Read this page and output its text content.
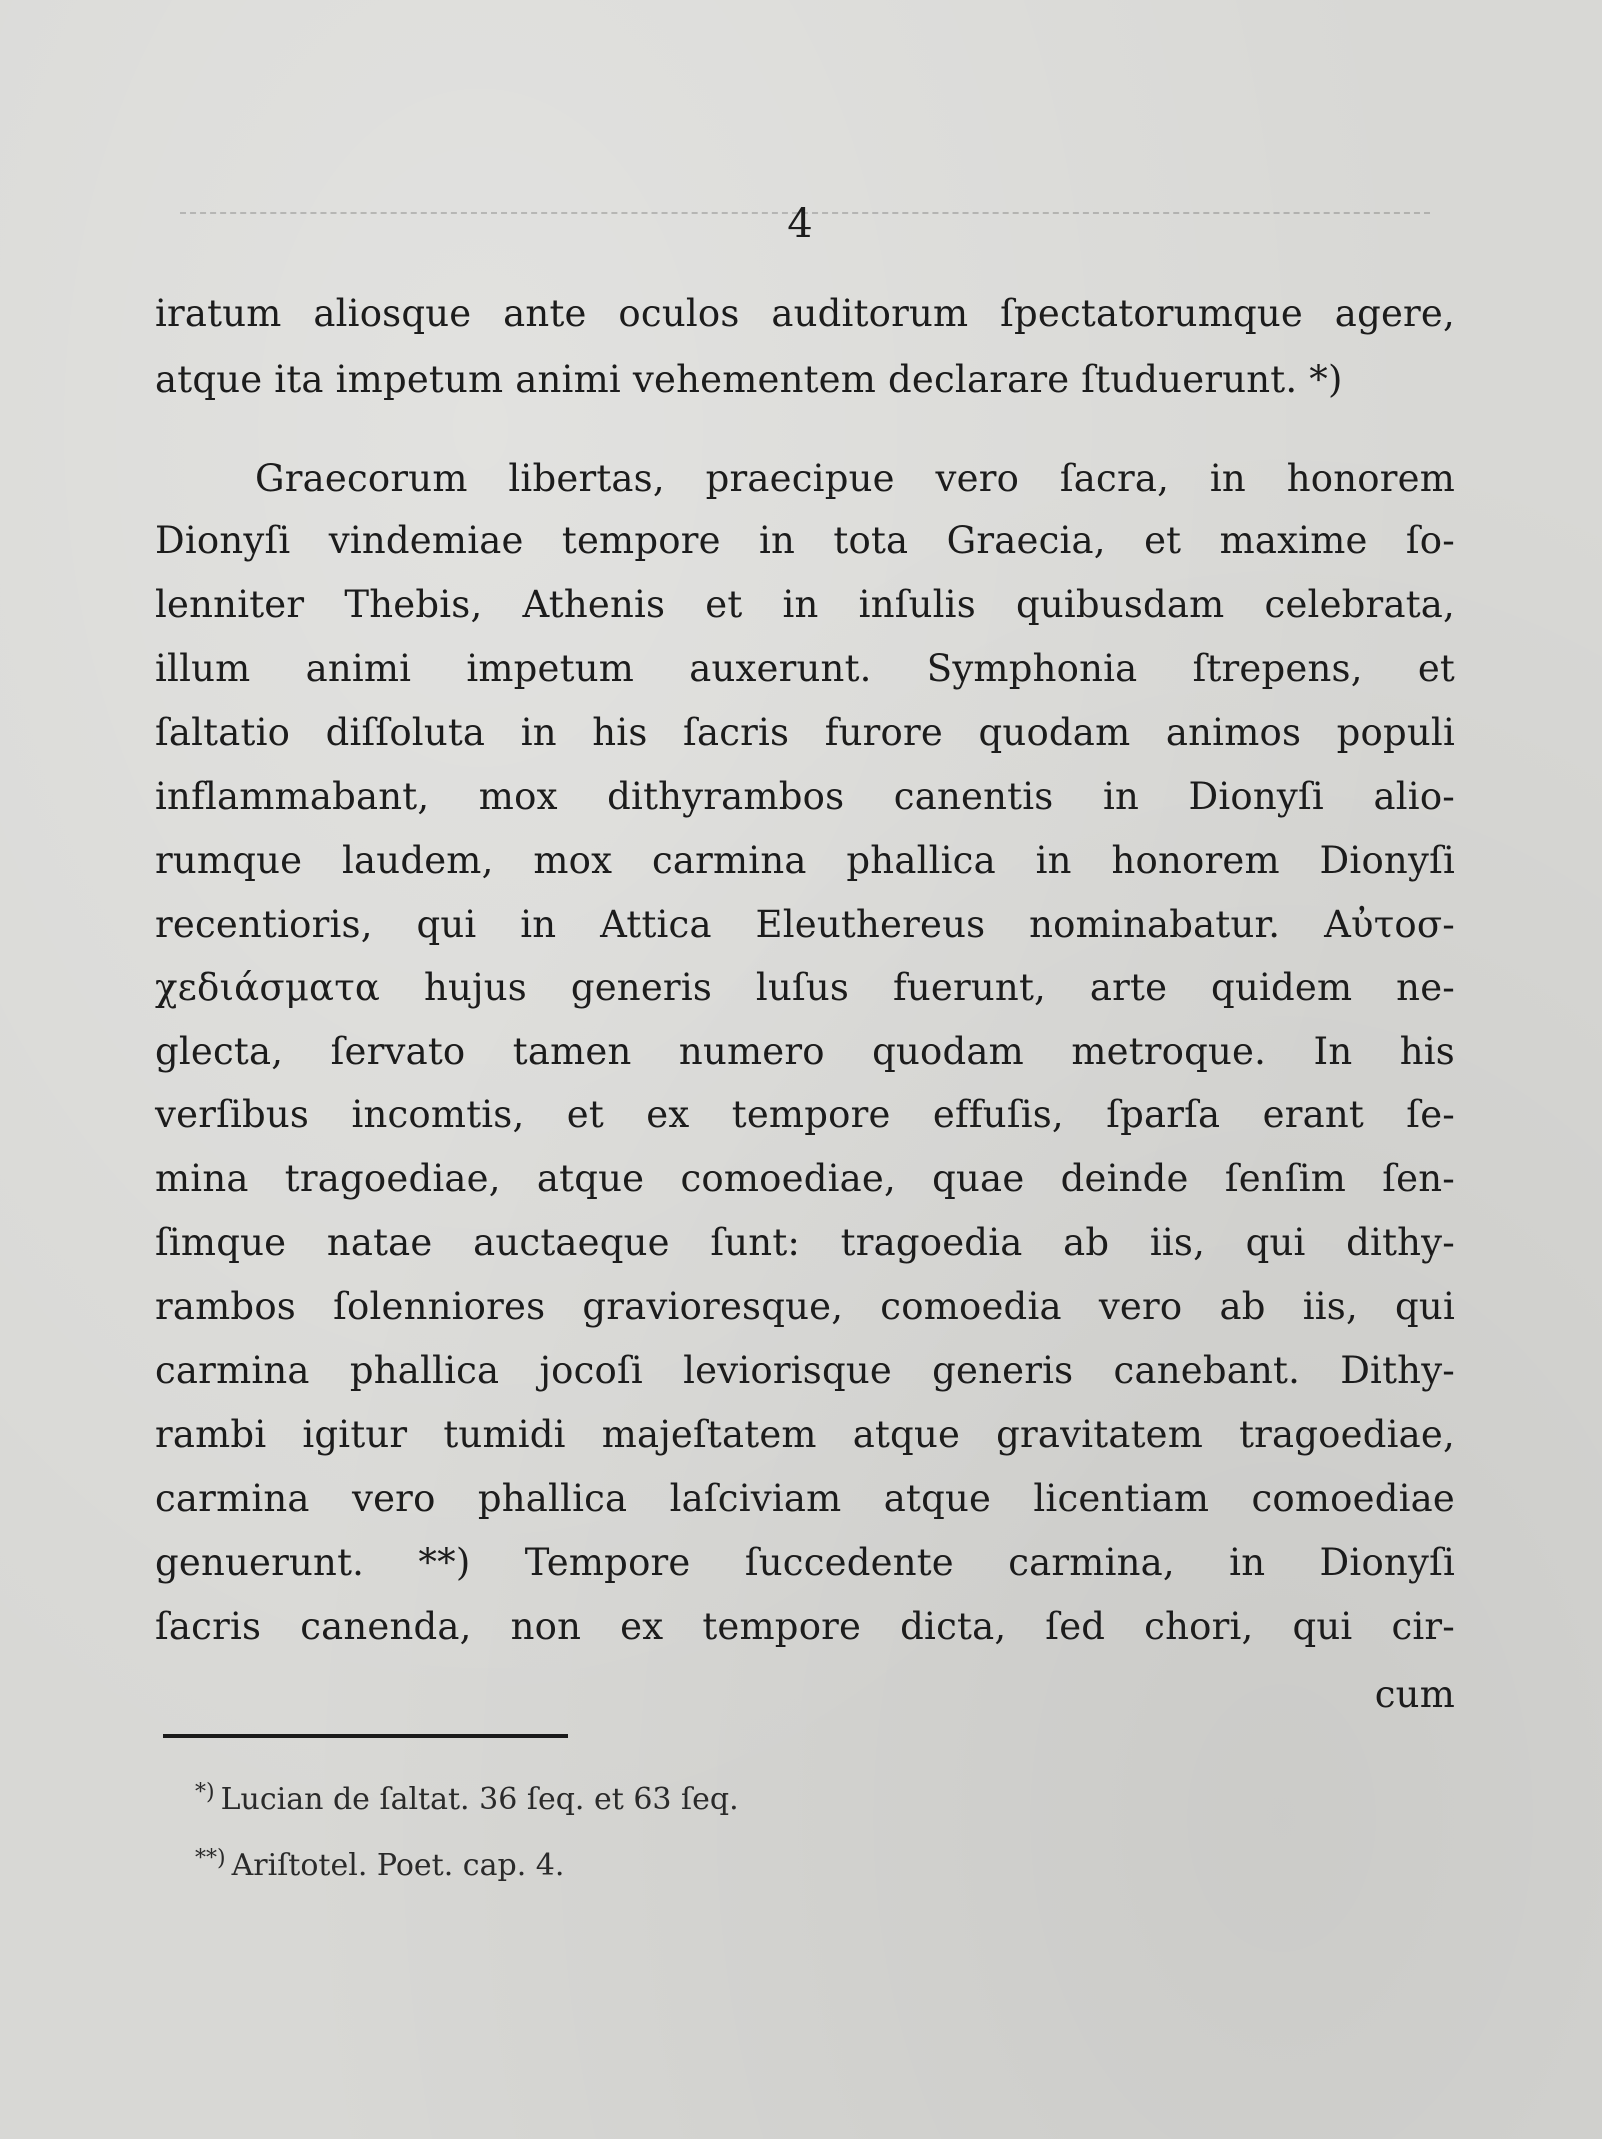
4
iratum aliosque ante oculos auditorum ſpectatorumque agere,
atque ita impetum animi vehementem declarare ſtuduerunt. *)
Graecorum libertas, praecipue vero ſacra, in honorem
Dionyſi vindemiae tempore in tota Graecia, et maxime ſo-
lenniter Thebis, Athenis et in inſulis quibusdam celebrata,
illum animi impetum auxerunt. Symphonia ſtrepens, et
ſaltatio diſſoluta in his ſacris furore quodam animos populi
inflammabant, mox dithyrambos canentis in Dionyſi alio-
rumque laudem, mox carmina phallica in honorem Dionyſi
recentioris, qui in Attica Eleuthereus nominabatur. Αὐτοσ-
χεδιάσματα hujus generis luſus fuerunt, arte quidem ne-
glecta, ſervato tamen numero quodam metroque. In his
verſibus incomtis, et ex tempore effuſis, ſparſa erant ſe-
mina tragoediae, atque comoediae, quae deinde ſenſim ſen-
ſimque natae auctaeque ſunt: tragoedia ab iis, qui dithy-
rambos ſolenniores gravioresque, comoedia vero ab iis, qui
carmina phallica jocoſi leviorisque generis canebant. Dithy-
rambi igitur tumidi majeſtatem atque gravitatem tragoediae,
carmina vero phallica laſciviam atque licentiam comoediae
genuerunt. **) Tempore ſuccedente carmina, in Dionyſi
ſacris canenda, non ex tempore dicta, ſed chori, qui cir-
cum
*) Lucian de ſaltat. 36 ſeq. et 63 ſeq.
**) Ariſtotel. Poet. cap. 4.
